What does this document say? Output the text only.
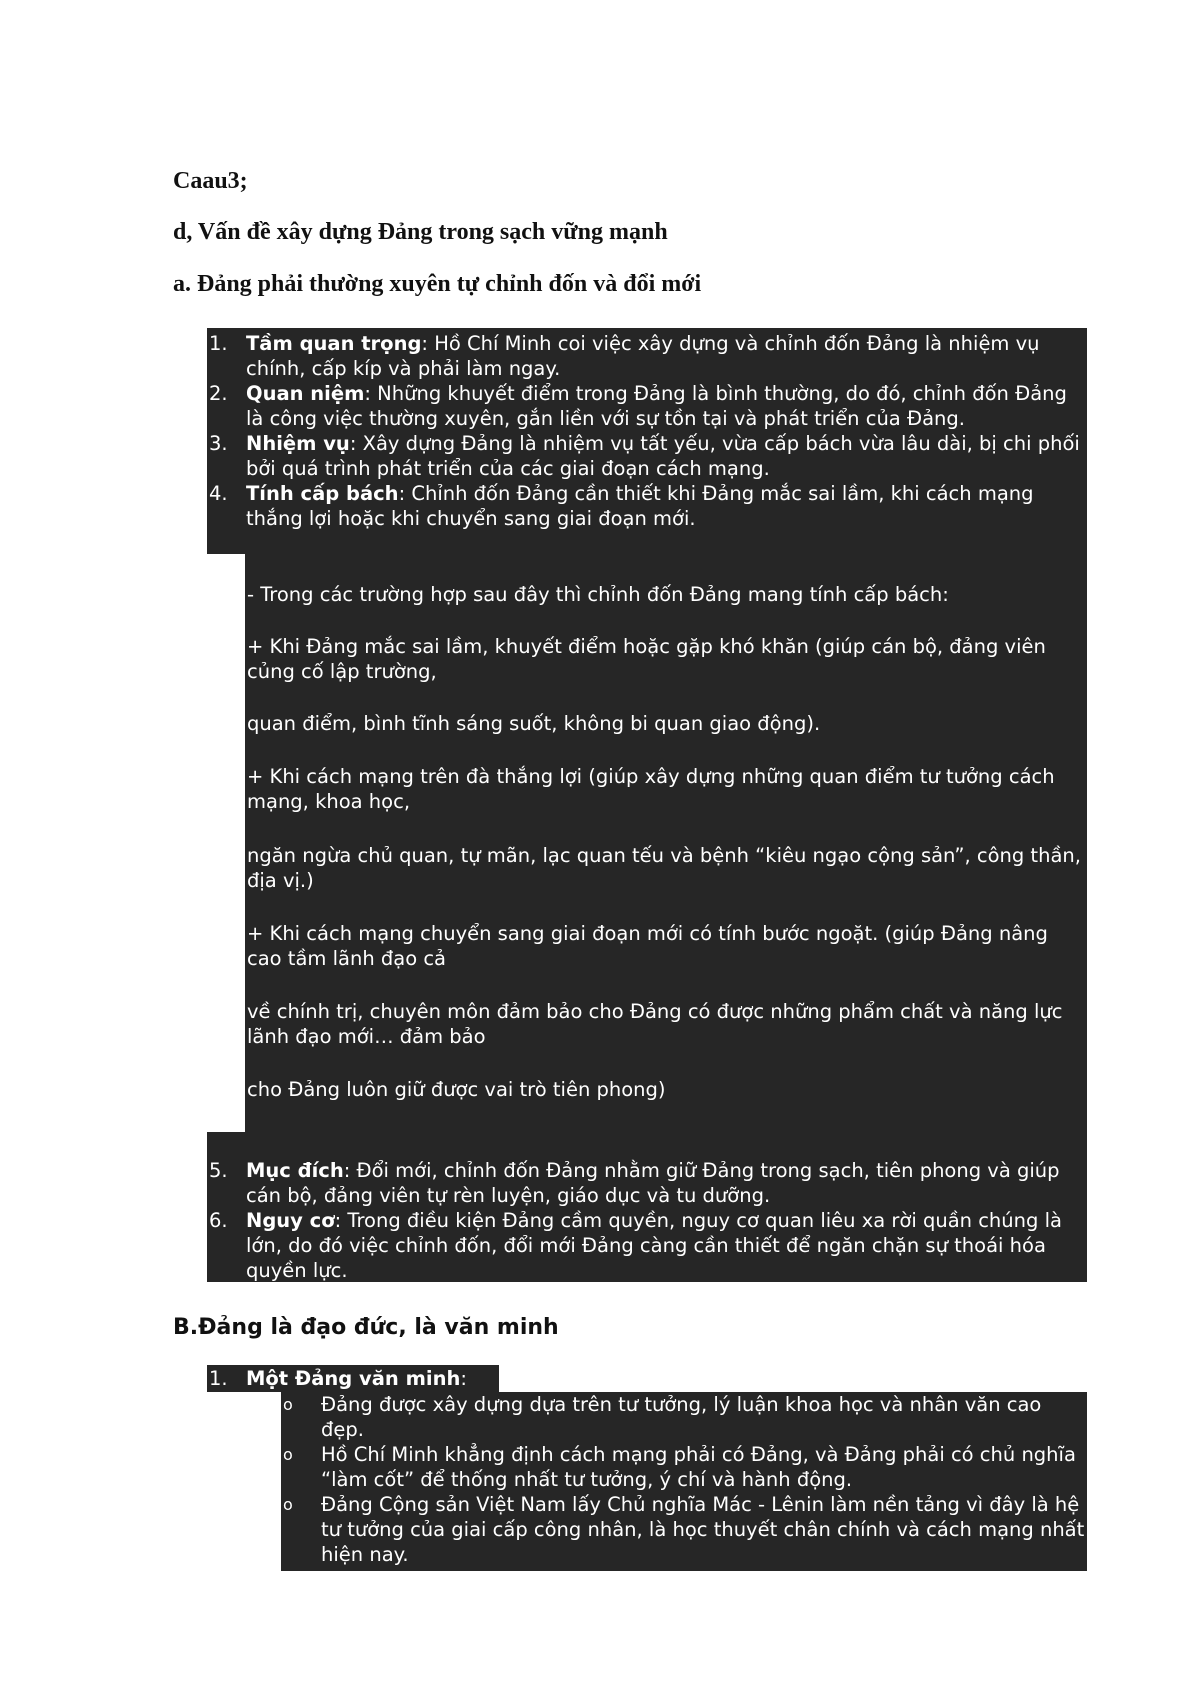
Caau3;
d, Vấn đề xây dựng Đảng trong sạch vững mạnh
a. Đảng phải thường xuyên tự chỉnh đốn và đổi mới
1. Tầm quan trọng: Hồ Chí Minh coi việc xây dựng và chỉnh đốn Đảng là nhiệm vụ chính, cấp kíp và phải làm ngay.
2. Quan niệm: Những khuyết điểm trong Đảng là bình thường, do đó, chỉnh đốn Đảng là công việc thường xuyên, gắn liền với sự tồn tại và phát triển của Đảng.
3. Nhiệm vụ: Xây dựng Đảng là nhiệm vụ tất yếu, vừa cấp bách vừa lâu dài, bị chi phối bởi quá trình phát triển của các giai đoạn cách mạng.
4. Tính cấp bách: Chỉnh đốn Đảng cần thiết khi Đảng mắc sai lầm, khi cách mạng thắng lợi hoặc khi chuyển sang giai đoạn mới.

- Trong các trường hợp sau đây thì chỉnh đốn Đảng mang tính cấp bách:

+ Khi Đảng mắc sai lầm, khuyết điểm hoặc gặp khó khăn (giúp cán bộ, đảng viên củng cố lập trường,

quan điểm, bình tĩnh sáng suốt, không bi quan giao động).

+ Khi cách mạng trên đà thắng lợi (giúp xây dựng những quan điểm tư tưởng cách mạng, khoa học,

ngăn ngừa chủ quan, tự mãn, lạc quan tếu và bệnh “kiêu ngạo cộng sản”, công thần, địa vị.)

+ Khi cách mạng chuyển sang giai đoạn mới có tính bước ngoặt. (giúp Đảng nâng cao tầm lãnh đạo cả

về chính trị, chuyên môn đảm bảo cho Đảng có được những phẩm chất và năng lực lãnh đạo mới… đảm bảo

cho Đảng luôn giữ được vai trò tiên phong)

5. Mục đích: Đổi mới, chỉnh đốn Đảng nhằm giữ Đảng trong sạch, tiên phong và giúp cán bộ, đảng viên tự rèn luyện, giáo dục và tu dưỡng.
6. Nguy cơ: Trong điều kiện Đảng cầm quyền, nguy cơ quan liêu xa rời quần chúng là lớn, do đó việc chỉnh đốn, đổi mới Đảng càng cần thiết để ngăn chặn sự thoái hóa quyền lực.
B.Đảng là đạo đức, là văn minh
1. Một Đảng văn minh:
o Đảng được xây dựng dựa trên tư tưởng, lý luận khoa học và nhân văn cao đẹp.
o Hồ Chí Minh khẳng định cách mạng phải có Đảng, và Đảng phải có chủ nghĩa “làm cốt” để thống nhất tư tưởng, ý chí và hành động.
o Đảng Cộng sản Việt Nam lấy Chủ nghĩa Mác - Lênin làm nền tảng vì đây là hệ tư tưởng của giai cấp công nhân, là học thuyết chân chính và cách mạng nhất hiện nay.
